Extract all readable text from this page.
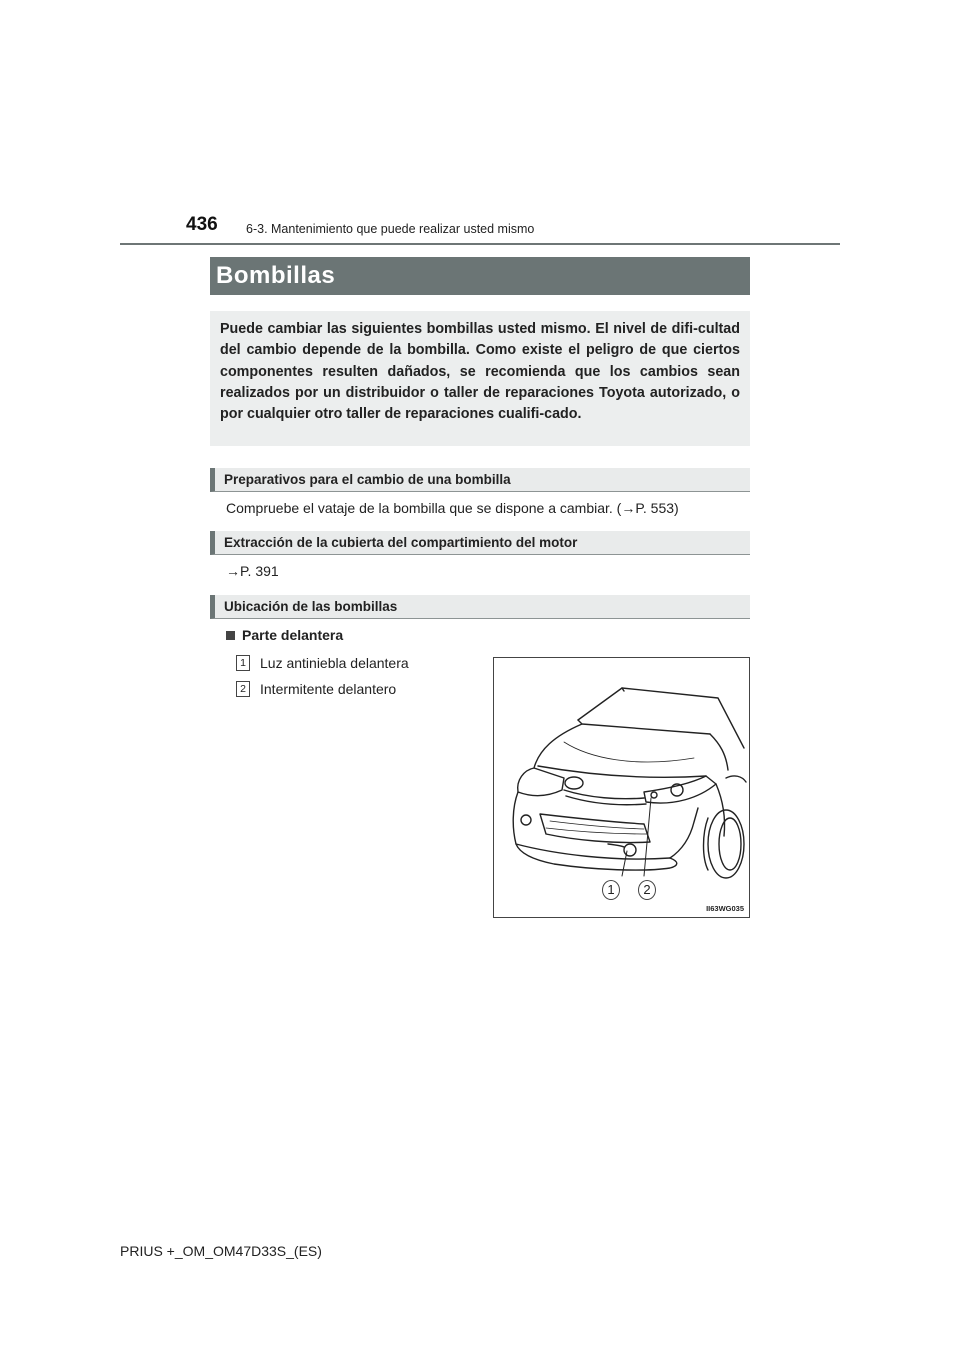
436 6-3. Mantenimiento que puede realizar usted mismo
Bombillas

Puede cambiar las siguientes bombillas usted mismo. El nivel de difi-cultad del cambio depende de la bombilla. Como existe el peligro de que ciertos componentes resulten dañados, se recomienda que los cambios sean realizados por un distribuidor o taller de reparaciones Toyota autorizado, o por cualquier otro taller de reparaciones cualifi-cado.

Preparativos para el cambio de una bombilla
Compruebe el vataje de la bombilla que se dispone a cambiar. (→P. 553)
Extracción de la cubierta del compartimiento del motor
→P. 391
Ubicación de las bombillas
Parte delantera
1 Luz antiniebla delantera
2 Intermitente delantero
1	2
II63WG035
PRIUS +_OM_OM47D33S_(ES)
